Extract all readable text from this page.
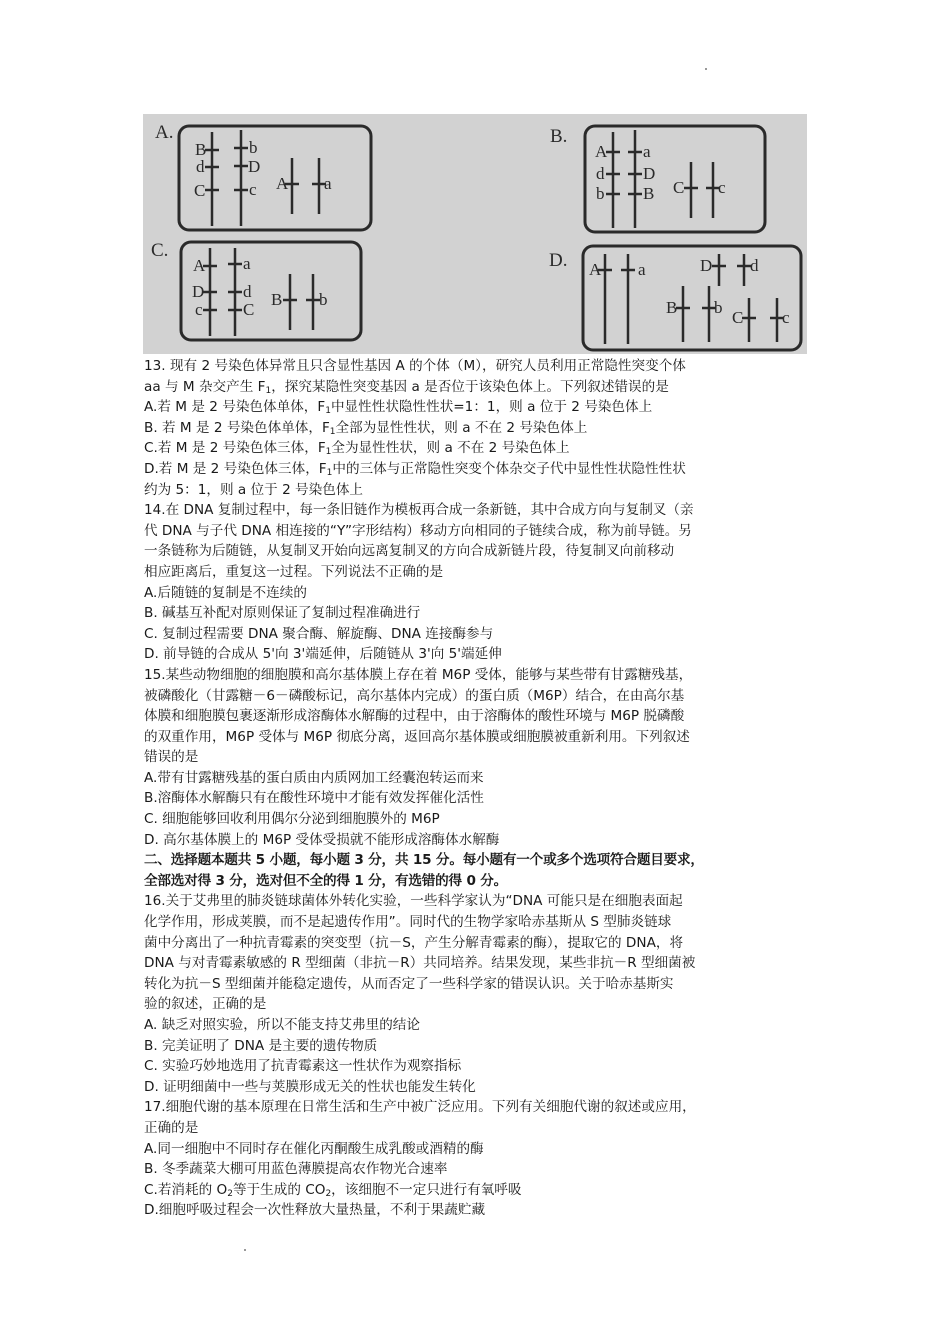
A.
B
d
C
b
D
c A a
B.
A
d
b
a
D
B C c
C.
A
D
c
a
d
C
B b
D. A a	D d
B b
C c
13. 现有 2 号染色体异常且只含显性基因 A 的个体（M），研究人员利用正常隐性突变个体
aa 与 M 杂交产生 $F_1$，探究某隐性突变基因 a 是否位于该染色体上。下列叙述错误的是
A.若 M 是 2 号染色体单体，$F_1$中显性性状隐性性状=1：1，则 a 位于 2 号染色体上
B. 若 M 是 2 号染色体单体，$F_1$全部为显性性状，则 a 不在 2 号染色体上
C.若 M 是 2 号染色体三体，$F_1$全为显性性状，则 a 不在 2 号染色体上
D.若 M 是 2 号染色体三体，$F_1$中的三体与正常隐性突变个体杂交子代中显性性状隐性性状
约为 5：1，则 a 位于 2 号染色体上
14.在 DNA 复制过程中，每一条旧链作为模板再合成一条新链，其中合成方向与复制叉（亲
代 DNA 与子代 DNA 相连接的“Y”字形结构）移动方向相同的子链续合成，称为前导链。另
一条链称为后随链，从复制叉开始向远离复制叉的方向合成新链片段，待复制叉向前移动
相应距离后，重复这一过程。下列说法不正确的是
A.后随链的复制是不连续的
B. 碱基互补配对原则保证了复制过程准确进行
C. 复制过程需要 DNA 聚合酶、解旋酶、DNA 连接酶参与
D. 前导链的合成从 5'向 3'端延伸，后随链从 3'向 5'端延伸
15.某些动物细胞的细胞膜和高尔基体膜上存在着 M6P 受体，能够与某些带有甘露糖残基，
被磷酸化（甘露糖－6－磷酸标记，高尔基体内完成）的蛋白质（M6P）结合，在由高尔基
体膜和细胞膜包裹逐渐形成溶酶体水解酶的过程中，由于溶酶体的酸性环境与 M6P 脱磷酸
的双重作用，M6P 受体与 M6P 彻底分离，返回高尔基体膜或细胞膜被重新利用。下列叙述
错误的是
A.带有甘露糖残基的蛋白质由内质网加工经囊泡转运而来
B.溶酶体水解酶只有在酸性环境中才能有效发挥催化活性
C. 细胞能够回收利用偶尔分泌到细胞膜外的 M6P
D. 高尔基体膜上的 M6P 受体受损就不能形成溶酶体水解酶
二、选择题本题共 5 小题，每小题 3 分，共 15 分。每小题有一个或多个选项符合题目要求，
全部选对得 3 分，选对但不全的得 1 分，有选错的得 0 分。
16.关于艾弗里的肺炎链球菌体外转化实验，一些科学家认为“DNA 可能只是在细胞表面起
化学作用，形成荚膜，而不是起遗传作用”。同时代的生物学家哈赤基斯从 S 型肺炎链球
菌中分离出了一种抗青霉素的突变型（抗－S，产生分解青霉素的酶），提取它的 DNA，将
DNA 与对青霉素敏感的 R 型细菌（非抗－R）共同培养。结果发现，某些非抗－R 型细菌被
转化为抗－S 型细菌并能稳定遗传，从而否定了一些科学家的错误认识。关于哈赤基斯实
验的叙述，正确的是
A. 缺乏对照实验，所以不能支持艾弗里的结论
B. 完美证明了 DNA 是主要的遗传物质
C. 实验巧妙地选用了抗青霉素这一性状作为观察指标
D. 证明细菌中一些与荚膜形成无关的性状也能发生转化
17.细胞代谢的基本原理在日常生活和生产中被广泛应用。下列有关细胞代谢的叙述或应用，
正确的是
A.同一细胞中不同时存在催化丙酮酸生成乳酸或酒精的酶
B. 冬季蔬菜大棚可用蓝色薄膜提高农作物光合速率
C.若消耗的 $O_2$等于生成的 $CO_2$，该细胞不一定只进行有氧呼吸
D.细胞呼吸过程会一次性释放大量热量，不利于果蔬贮藏
